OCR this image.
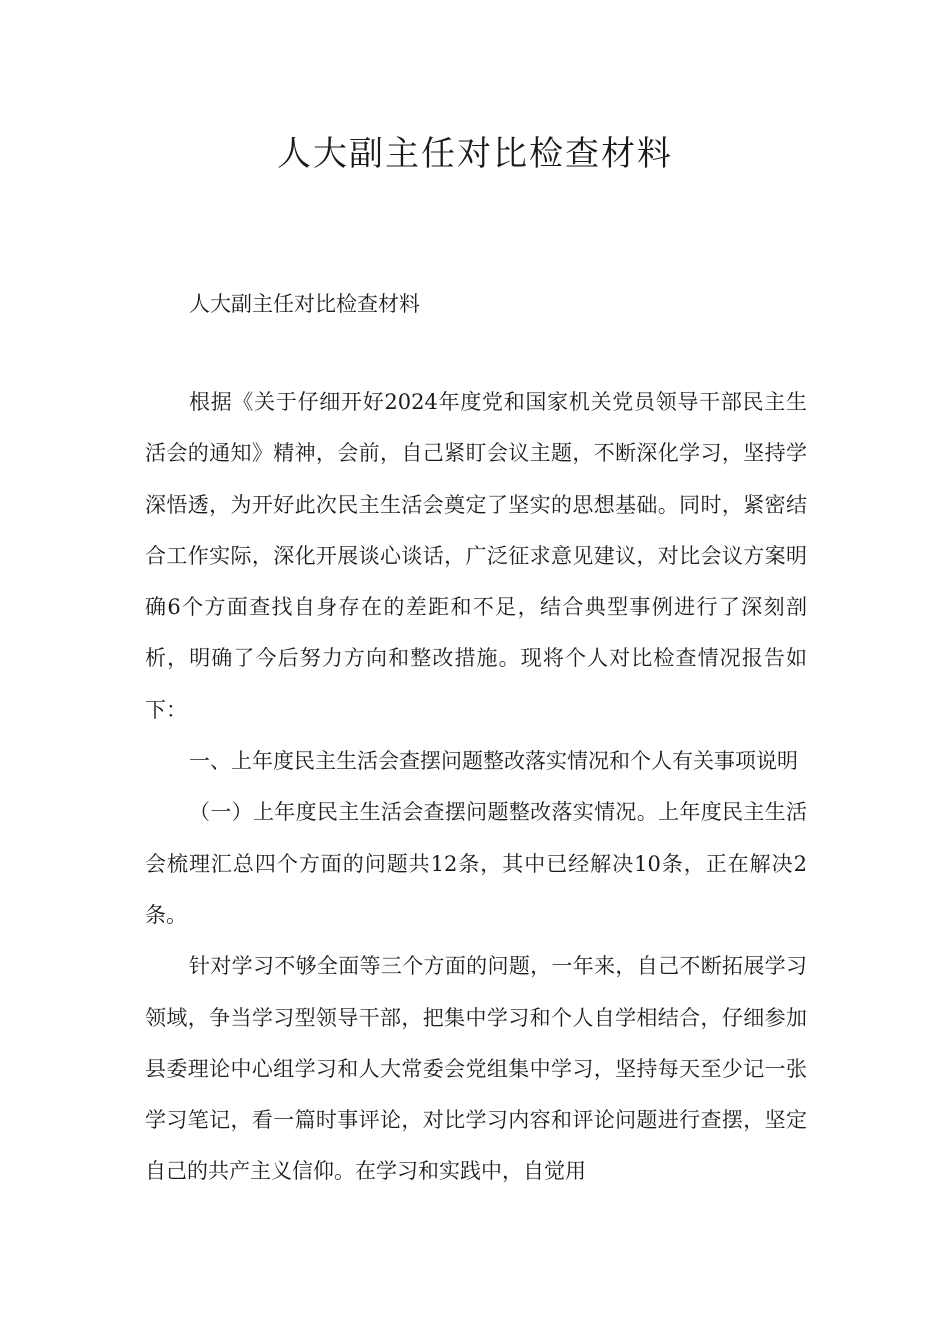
人大副主任对比检查材料

人大副主任对比检查材料

根据《关于仔细开好2024年度党和国家机关党员领导干部民主生活会的通知》精神，会前，自己紧盯会议主题，不断深化学习，坚持学深悟透，为开好此次民主生活会奠定了坚实的思想基础。同时，紧密结合工作实际，深化开展谈心谈话，广泛征求意见建议，对比会议方案明确6个方面查找自身存在的差距和不足，结合典型事例进行了深刻剖析，明确了今后努力方向和整改措施。现将个人对比检查情况报告如下：

一、上年度民主生活会查摆问题整改落实情况和个人有关事项说明

（一）上年度民主生活会查摆问题整改落实情况。上年度民主生活会梳理汇总四个方面的问题共12条，其中已经解决10条，正在解决2条。

针对学习不够全面等三个方面的问题，一年来，自己不断拓展学习领域，争当学习型领导干部，把集中学习和个人自学相结合，仔细参加县委理论中心组学习和人大常委会党组集中学习，坚持每天至少记一张学习笔记，看一篇时事评论，对比学习内容和评论问题进行查摆，坚定自己的共产主义信仰。在学习和实践中，自觉用
